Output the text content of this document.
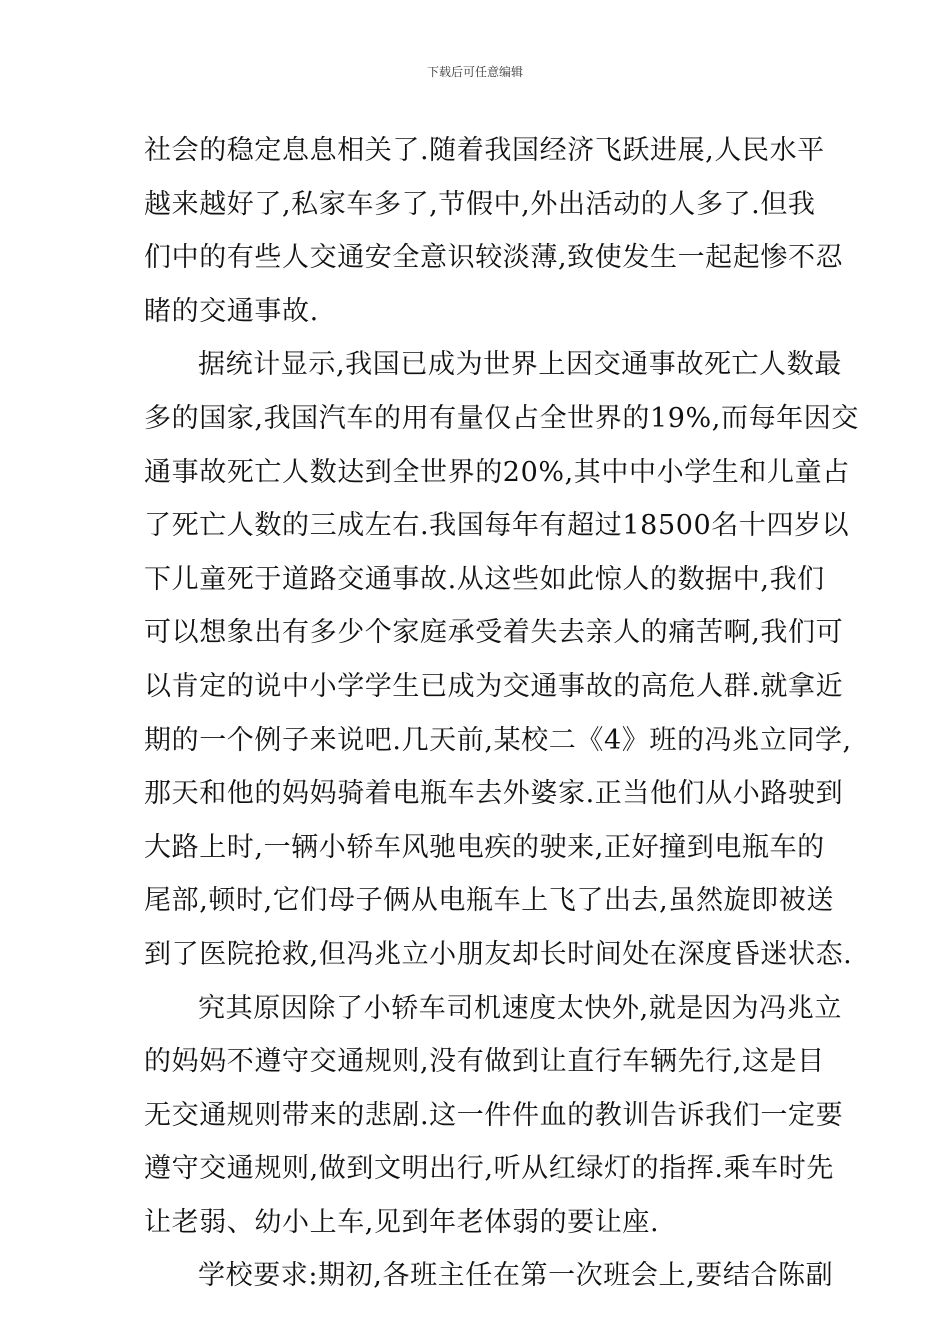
下载后可任意编辑

社会的稳定息息相关了.随着我国经济飞跃进展,人民水平
越来越好了,私家车多了,节假中,外出活动的人多了.但我
们中的有些人交通安全意识较淡薄,致使发生一起起惨不忍
睹的交通事故.

据统计显示,我国已成为世界上因交通事故死亡人数最
多的国家,我国汽车的用有量仅占全世界的19%,而每年因交
通事故死亡人数达到全世界的20%,其中中小学生和儿童占
了死亡人数的三成左右.我国每年有超过18500名十四岁以
下儿童死于道路交通事故.从这些如此惊人的数据中,我们
可以想象出有多少个家庭承受着失去亲人的痛苦啊,我们可
以肯定的说中小学学生已成为交通事故的高危人群.就拿近
期的一个例子来说吧.几天前,某校二《4》班的冯兆立同学,
那天和他的妈妈骑着电瓶车去外婆家.正当他们从小路驶到
大路上时,一辆小轿车风驰电疾的驶来,正好撞到电瓶车的
尾部,顿时,它们母子俩从电瓶车上飞了出去,虽然旋即被送
到了医院抢救,但冯兆立小朋友却长时间处在深度昏迷状态.

究其原因除了小轿车司机速度太快外,就是因为冯兆立
的妈妈不遵守交通规则,没有做到让直行车辆先行,这是目
无交通规则带来的悲剧.这一件件血的教训告诉我们一定要
遵守交通规则,做到文明出行,听从红绿灯的指挥.乘车时先
让老弱、幼小上车,见到年老体弱的要让座.

学校要求:期初,各班主任在第一次班会上,要结合陈副
